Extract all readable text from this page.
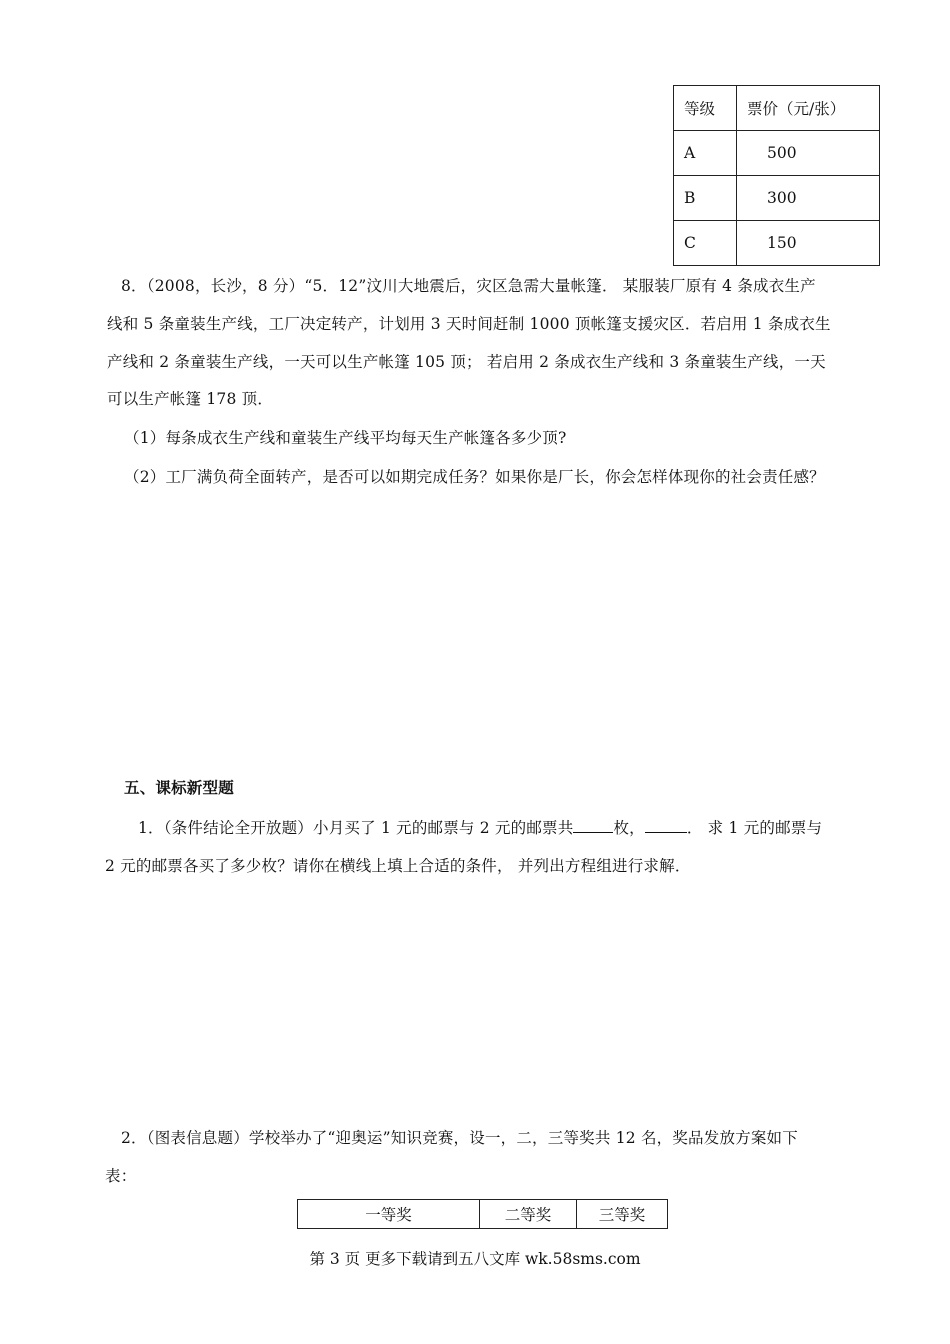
等级	票价（元/张）
A	500
B	300
C	150
8．（2008，长沙，8 分）“5．12”汶川大地震后，灾区急需大量帐篷． 某服装厂原有 4 条成衣生产
线和 5 条童装生产线，工厂决定转产，计划用 3 天时间赶制 1000 顶帐篷支援灾区．若启用 1 条成衣生
产线和 2 条童装生产线，一天可以生产帐篷 105 顶； 若启用 2 条成衣生产线和 3 条童装生产线，一天
可以生产帐篷 178 顶．
（1）每条成衣生产线和童装生产线平均每天生产帐篷各多少顶?
（2）工厂满负荷全面转产，是否可以如期完成任务？如果你是厂长，你会怎样体现你的社会责任感？
五、课标新型题
1．（条件结论全开放题）小月买了 1 元的邮票与 2 元的邮票共	枚，	． 求 1 元的邮票与
2 元的邮票各买了多少枚？请你在横线上填上合适的条件， 并列出方程组进行求解．
2．（图表信息题）学校举办了“迎奥运”知识竞赛，设一，二，三等奖共 12 名，奖品发放方案如下
表：
一等奖	二等奖	三等奖
第 3 页 更多下载请到五八文库 wk.58sms.com
